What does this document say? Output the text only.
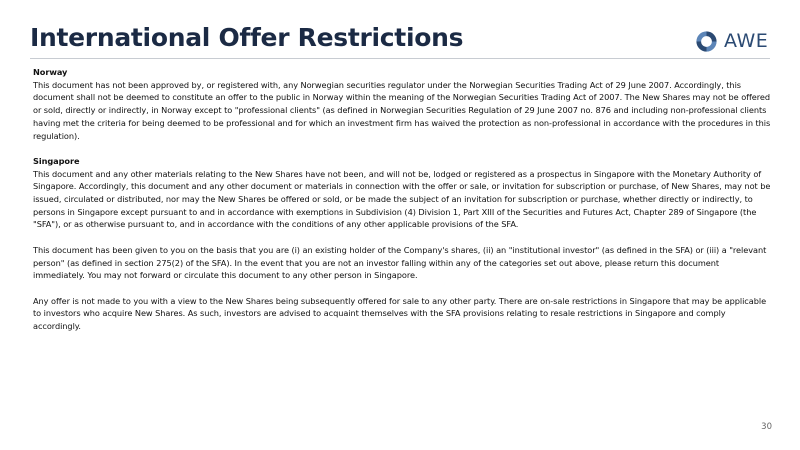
International Offer Restrictions	AWE
Norway
This document has not been approved by, or registered with, any Norwegian securities regulator under the Norwegian Securities Trading Act of 29 June 2007. Accordingly, this document shall not be deemed to constitute an offer to the public in Norway within the meaning of the Norwegian Securities Trading Act of 2007. The New Shares may not be offered or sold, directly or indirectly, in Norway except to "professional clients" (as defined in Norwegian Securities Regulation of 29 June 2007 no. 876 and including non-professional clients having met the criteria for being deemed to be professional and for which an investment firm has waived the protection as non-professional in accordance with the procedures in this regulation).
Singapore
This document and any other materials relating to the New Shares have not been, and will not be, lodged or registered as a prospectus in Singapore with the Monetary Authority of Singapore. Accordingly, this document and any other document or materials in connection with the offer or sale, or invitation for subscription or purchase, of New Shares, may not be issued, circulated or distributed, nor may the New Shares be offered or sold, or be made the subject of an invitation for subscription or purchase, whether directly or indirectly, to persons in Singapore except pursuant to and in accordance with exemptions in Subdivision (4) Division 1, Part XIII of the Securities and Futures Act, Chapter 289 of Singapore (the "SFA"), or as otherwise pursuant to, and in accordance with the conditions of any other applicable provisions of the SFA.
This document has been given to you on the basis that you are (i) an existing holder of the Company's shares, (ii) an "institutional investor" (as defined in the SFA) or (iii) a "relevant person" (as defined in section 275(2) of the SFA). In the event that you are not an investor falling within any of the categories set out above, please return this document immediately. You may not forward or circulate this document to any other person in Singapore.
Any offer is not made to you with a view to the New Shares being subsequently offered for sale to any other party. There are on-sale restrictions in Singapore that may be applicable to investors who acquire New Shares. As such, investors are advised to acquaint themselves with the SFA provisions relating to resale restrictions in Singapore and comply accordingly.
30
